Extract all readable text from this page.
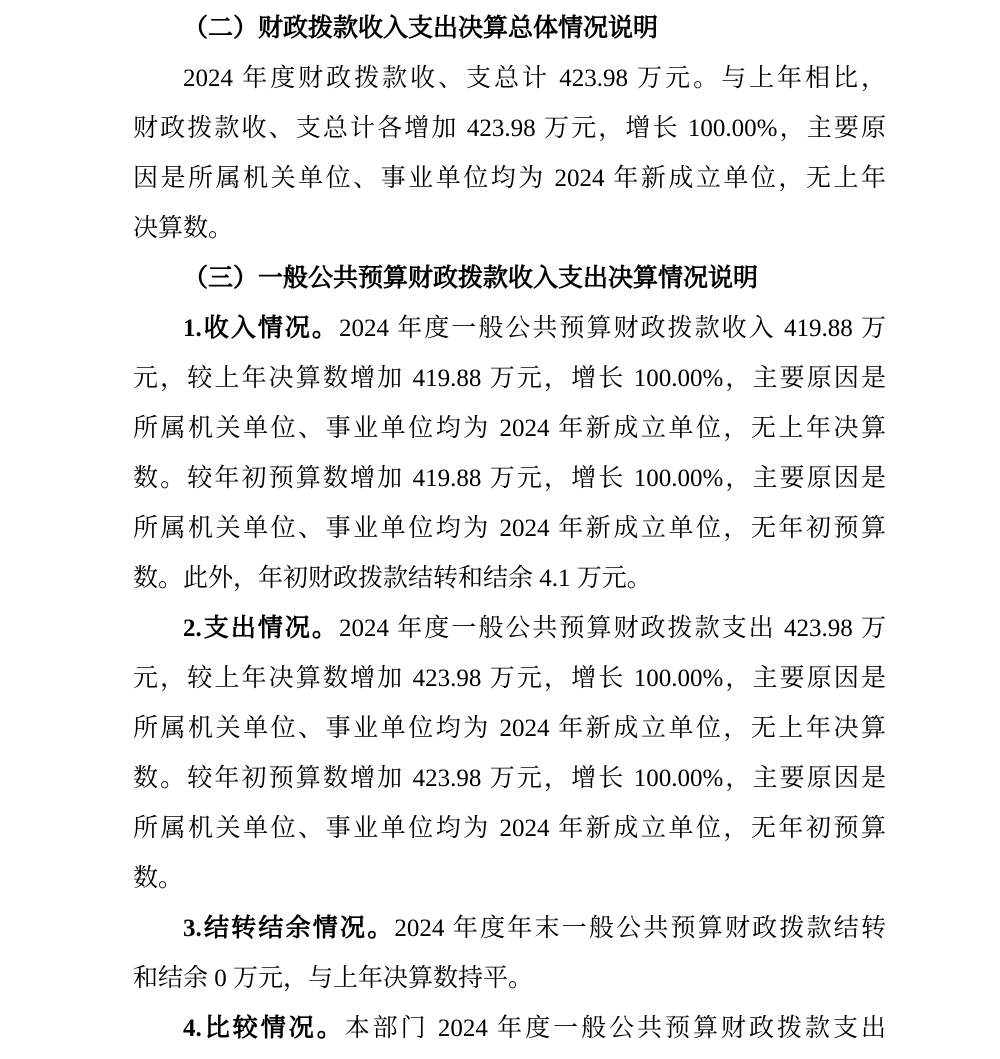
（二）财政拨款收入支出决算总体情况说明
2024 年度财政拨款收、支总计 423.98 万元。与上年相比，
财政拨款收、支总计各增加 423.98 万元，增长 100.00%，主要原
因是所属机关单位、事业单位均为 2024 年新成立单位，无上年
决算数。
（三）一般公共预算财政拨款收入支出决算情况说明
1.收入情况。2024 年度一般公共预算财政拨款收入 419.88 万
元，较上年决算数增加 419.88 万元，增长 100.00%，主要原因是
所属机关单位、事业单位均为 2024 年新成立单位，无上年决算
数。较年初预算数增加 419.88 万元，增长 100.00%，主要原因是
所属机关单位、事业单位均为 2024 年新成立单位，无年初预算
数。此外，年初财政拨款结转和结余 4.1 万元。
2.支出情况。2024 年度一般公共预算财政拨款支出 423.98 万
元，较上年决算数增加 423.98 万元，增长 100.00%，主要原因是
所属机关单位、事业单位均为 2024 年新成立单位，无上年决算
数。较年初预算数增加 423.98 万元，增长 100.00%，主要原因是
所属机关单位、事业单位均为 2024 年新成立单位，无年初预算
数。
3.结转结余情况。2024 年度年末一般公共预算财政拨款结转
和结余 0 万元，与上年决算数持平。
4.比较情况。本部门 2024 年度一般公共预算财政拨款支出
